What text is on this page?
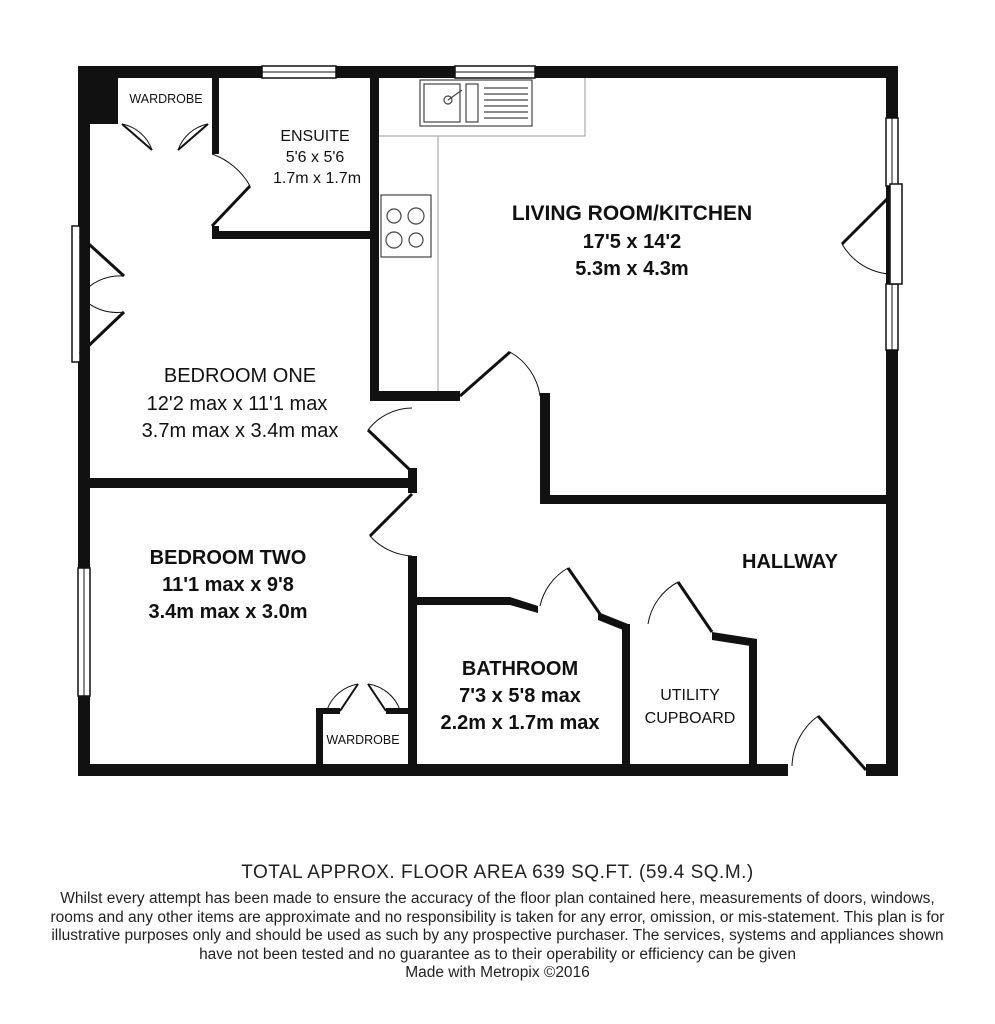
WARDROBE
ENSUITE
5'6 x 5'6
1.7m x 1.7m
LIVING ROOM/KITCHEN
17'5 x 14'2
5.3m x 4.3m
BEDROOM ONE
12'2 max x 11'1 max
3.7m max x 3.4m max
BEDROOM TWO
11'1 max x 9'8
3.4m max x 3.0m
HALLWAY
BATHROOM
7'3 x 5'8 max
2.2m x 1.7m max
UTILITY
CUPBOARD
WARDROBE
TOTAL APPROX. FLOOR AREA 639 SQ.FT. (59.4 SQ.M.)
Whilst every attempt has been made to ensure the accuracy of the floor plan contained here, measurements of doors, windows, rooms and any other items are approximate and no responsibility is taken for any error, omission, or mis-statement. This plan is for illustrative purposes only and should be used as such by any prospective purchaser. The services, systems and appliances shown have not been tested and no guarantee as to their operability or efficiency can be given
Made with Metropix ©2016
